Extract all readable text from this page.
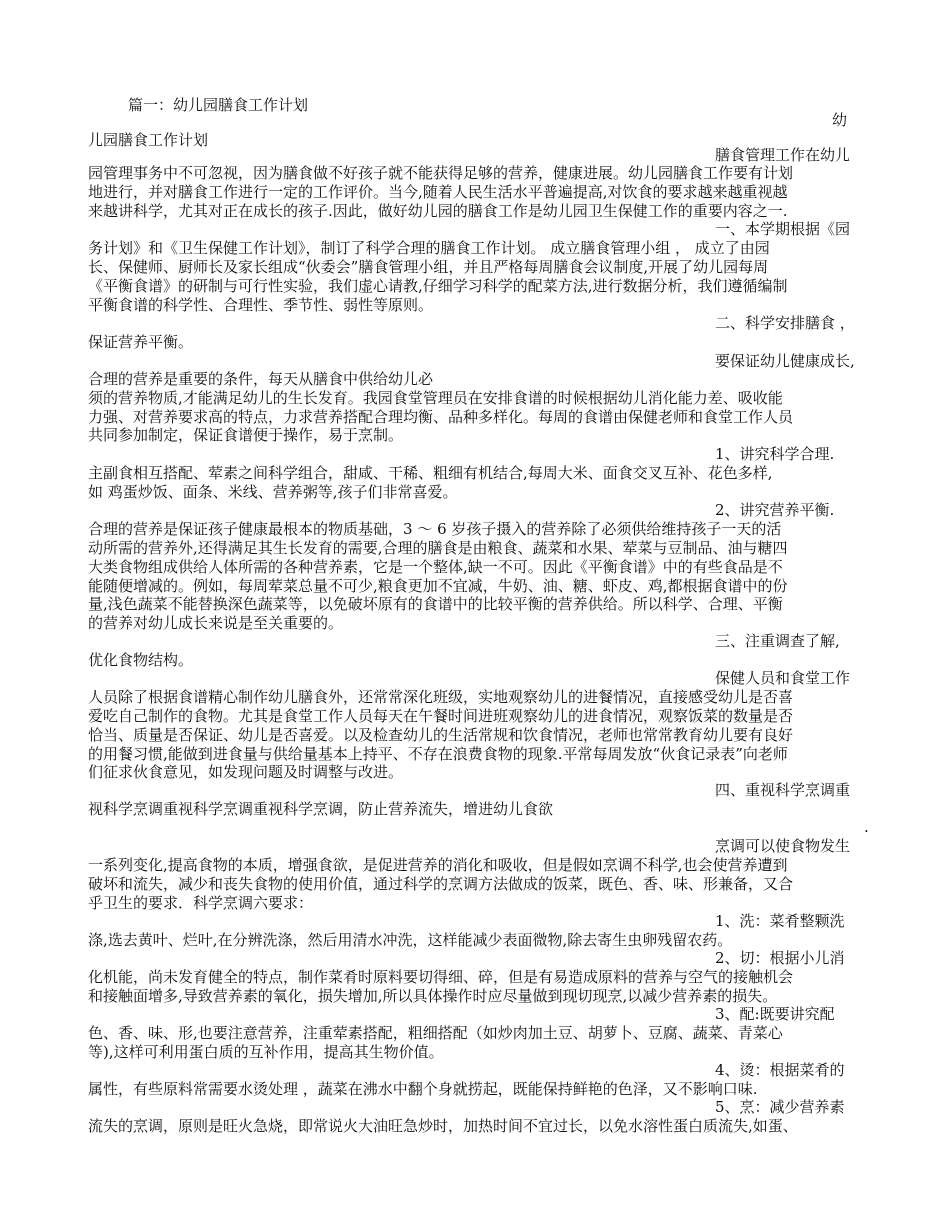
篇一：幼儿园膳食工作计划

幼

儿园膳食工作计划

膳食管理工作在幼儿

园管理事务中不可忽视，因为膳食做不好孩子就不能获得足够的营养，健康进展。幼儿园膳食工作要有计划

地进行，并对膳食工作进行一定的工作评价。当今,随着人民生活水平普遍提高,对饮食的要求越来越重视越

来越讲科学，尤其对正在成长的孩子.因此，做好幼儿园的膳食工作是幼儿园卫生保健工作的重要内容之一.

一、本学期根据《园

务计划》和《卫生保健工作计划》，制订了科学合理的膳食工作计划。 成立膳食管理小组 ， 成立了由园

长、保健师、厨师长及家长组成“伙委会”膳食管理小组，并且严格每周膳食会议制度,开展了幼儿园每周

《平衡食谱》的研制与可行性实验，我们虚心请教,仔细学习科学的配菜方法,进行数据分析，我们遵循编制

平衡食谱的科学性、合理性、季节性、弱性等原则。

二、科学安排膳食 ，

保证营养平衡。

要保证幼儿健康成长,

合理的营养是重要的条件，每天从膳食中供给幼儿必

须的营养物质,才能满足幼儿的生长发育。我园食堂管理员在安排食谱的时候根据幼儿消化能力差、吸收能

力强、对营养要求高的特点，力求营养搭配合理均衡、品种多样化。每周的食谱由保健老师和食堂工作人员

共同参加制定，保证食谱便于操作，易于烹制。

1、讲究科学合理.

主副食相互搭配、荤素之间科学组合，甜咸、干稀、粗细有机结合,每周大米、面食交叉互补、花色多样,

如 鸡蛋炒饭、面条、米线、营养粥等,孩子们非常喜爱。

2、讲究营养平衡.

合理的营养是保证孩子健康最根本的物质基础，3 ～ 6 岁孩子摄入的营养除了必须供给维持孩子一天的活

动所需的营养外,还得满足其生长发育的需要,合理的膳食是由粮食、蔬菜和水果、荤菜与豆制品、油与糖四

大类食物组成供给人体所需的各种营养素，它是一个整体,缺一不可。因此《平衡食谱》中的有些食品是不

能随便增减的。例如，每周荤菜总量不可少,粮食更加不宜减，牛奶、油、糖、虾皮、鸡,都根据食谱中的份

量,浅色蔬菜不能替换深色蔬菜等，以免破坏原有的食谱中的比较平衡的营养供给。所以科学、合理、平衡

的营养对幼儿成长来说是至关重要的。

三、注重调查了解,

优化食物结构。

保健人员和食堂工作

人员除了根据食谱精心制作幼儿膳食外，还常常深化班级，实地观察幼儿的进餐情况，直接感受幼儿是否喜

爱吃自己制作的食物。尤其是食堂工作人员每天在午餐时间进班观察幼儿的进食情况，观察饭菜的数量是否

恰当、质量是否保证、幼儿是否喜爱。以及检查幼儿的生活常规和饮食情况，老师也常常教育幼儿要有良好

的用餐习惯,能做到进食量与供给量基本上持平、不存在浪费食物的现象.平常每周发放“伙食记录表”向老师

们征求伙食意见，如发现问题及时调整与改进。

四、重视科学烹调重

视科学烹调重视科学烹调重视科学烹调，防止营养流失，增进幼儿食欲

.

烹调可以使食物发生

一系列变化,提高食物的本质，增强食欲，是促进营养的消化和吸收，但是假如烹调不科学,也会使营养遭到

破坏和流失，减少和丧失食物的使用价值，通过科学的烹调方法做成的饭菜，既色、香、味、形兼备，又合

乎卫生的要求．科学烹调六要求：

1、洗：菜肴整颗洗

涤,选去黄叶、烂叶,在分辨洗涤，然后用清水冲洗，这样能减少表面微物,除去寄生虫卵残留农药。

2、切：根据小儿消

化机能，尚未发育健全的特点，制作菜肴时原料要切得细、碎，但是有易造成原料的营养与空气的接触机会

和接触面增多,导致营养素的氧化，损失增加,所以具体操作时应尽量做到现切现烹,以减少营养素的损失。

3、配:既要讲究配

色、香、味、形,也要注意营养，注重荤素搭配，粗细搭配（如炒肉加土豆、胡萝卜、豆腐、蔬菜、青菜心

等),这样可利用蛋白质的互补作用，提高其生物价值。

4、烫：根据菜肴的

属性，有些原料常需要水烫处理 ，蔬菜在沸水中翻个身就捞起，既能保持鲜艳的色泽，又不影响口味.

5、烹：减少营养素

流失的烹调，原则是旺火急烧，即常说火大油旺急炒时，加热时间不宜过长，以免水溶性蛋白质流失,如蛋、
